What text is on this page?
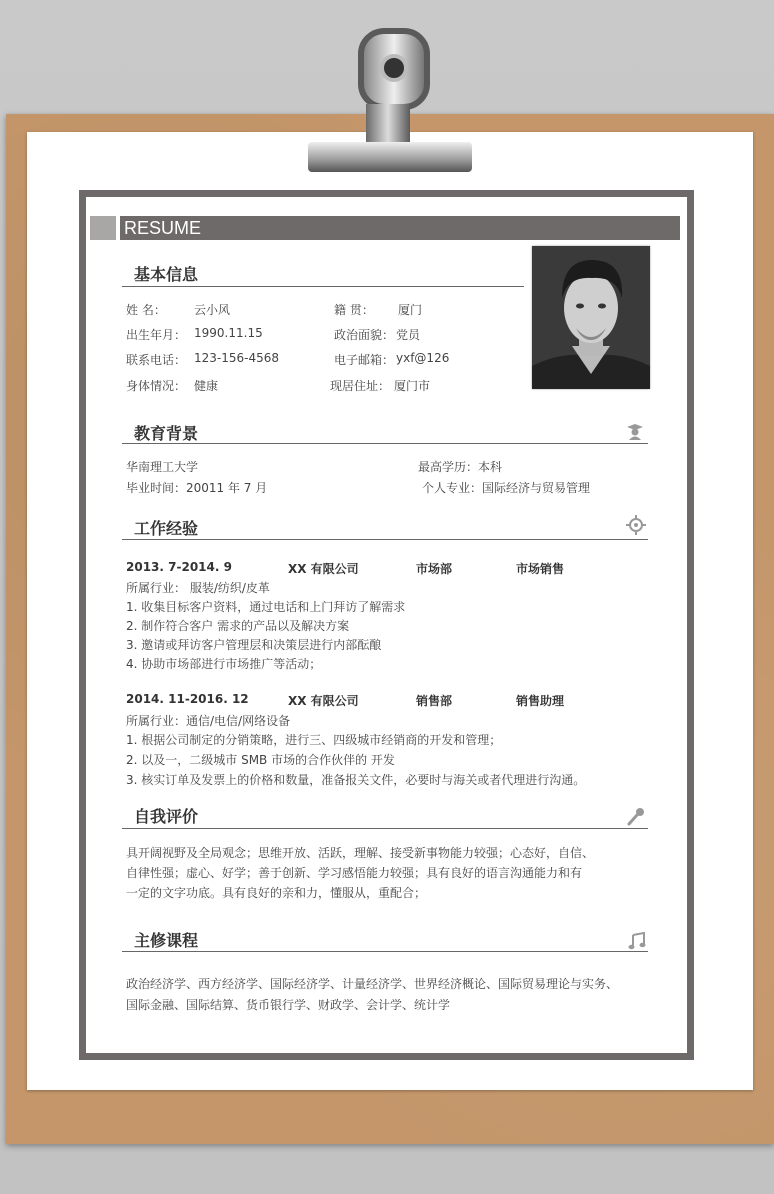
RESUME
基本信息
姓 名： 云小风	籍 贯： 厦门
出生年月： 1990.11.15	政治面貌： 党员
联系电话： 123-156-4568	电子邮箱： yxf@126
身体情况： 健康	现居住址： 厦门市
教育背景
华南理工大学	最高学历：本科
毕业时间：20011 年 7 月	个人专业：国际经济与贸易管理
工作经验
2013. 7-2014. 9	XX 有限公司	市场部	市场销售
所属行业： 服装/纺织/皮革
1. 收集目标客户资料，通过电话和上门拜访了解需求
2. 制作符合客户 需求的产品以及解决方案
3. 邀请或拜访客户管理层和决策层进行内部酝酿
4. 协助市场部进行市场推广等活动；
2014. 11-2016. 12	XX 有限公司	销售部	销售助理
所属行业：通信/电信/网络设备
1. 根据公司制定的分销策略，进行三、四级城市经销商的开发和管理；
2. 以及一，二级城市 SMB 市场的合作伙伴的 开发
3. 核实订单及发票上的价格和数量，准备报关文件，必要时与海关或者代理进行沟通。
自我评价
具开阔视野及全局观念；思维开放、活跃，理解、接受新事物能力较强；心态好，自信、
自律性强；虚心、好学；善于创新、学习感悟能力较强；具有良好的语言沟通能力和有
一定的文字功底。具有良好的亲和力，懂服从，重配合；
主修课程
政治经济学、西方经济学、国际经济学、计量经济学、世界经济概论、国际贸易理论与实务、
国际金融、国际结算、货币银行学、财政学、会计学、统计学
